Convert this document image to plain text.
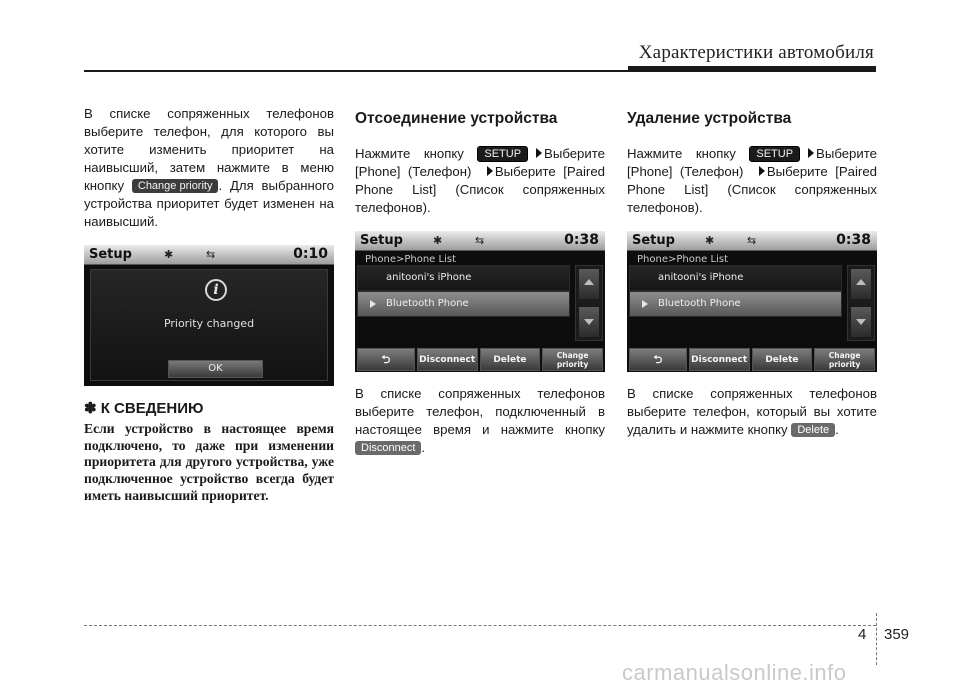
Характеристики автомобиля

В списке сопряженных телефонов выберите телефон, для которого вы хотите изменить приоритет на наивысший, затем нажмите в меню кнопку Change priority . Для выбранного устройства приоритет будет изменен на наивысший.

Setup	✱	⇆	0:10
i
Priority changed
OK
✽ К СВЕДЕНИЮ

Если устройство в настоящее время подключено, то даже при изменении приоритета для другого устройства, уже подключенное устройство всегда будет иметь наивысший приоритет.

Отсоединение устройства

Нажмите кнопку SETUP Выберите [Phone] (Телефон) Выберите [Paired Phone List] (Список сопряженных телефонов).

Setup	✱	⇆	0:38
Phone>Phone List
anitooni's iPhone
Bluetooth Phone
⮌	Disconnect	Delete	Change
priority

В списке сопряженных телефонов выберите телефон, подключенный в настоящее время и нажмите кнопку Disconnect .

Удаление устройства

Нажмите кнопку SETUP Выберите [Phone] (Телефон) Выберите [Paired Phone List] (Список сопряженных телефонов).

Setup	✱	⇆	0:38
Phone>Phone List
anitooni's iPhone
Bluetooth Phone
⮌	Disconnect	Delete	Change
priority

В списке сопряженных телефонов выберите телефон, который вы хотите удалить и нажмите кнопку Delete .

4 359
carmanualsonline.info
